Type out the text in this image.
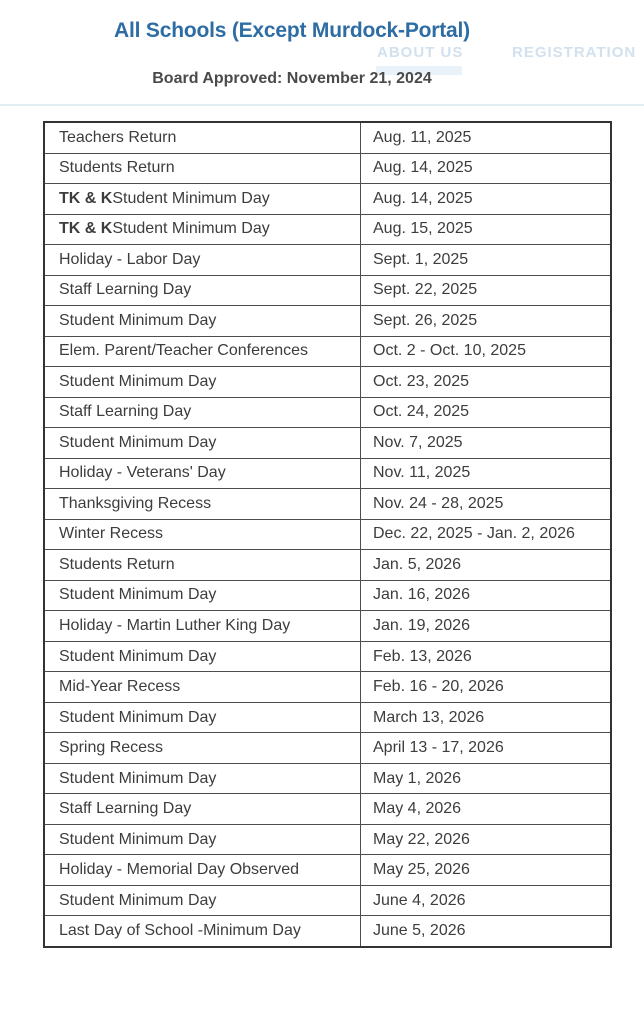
ABOUT US	REGISTRATION
All Schools (Except Murdock-Portal)
Board Approved: November 21, 2024
Teachers Return	Aug. 11, 2025
Students Return	Aug. 14, 2025
TK & K Student Minimum Day	Aug. 14, 2025
TK & K Student Minimum Day	Aug. 15, 2025
Holiday - Labor Day	Sept. 1, 2025
Staff Learning Day	Sept. 22, 2025
Student Minimum Day	Sept. 26, 2025
Elem. Parent/Teacher Conferences	Oct. 2 - Oct. 10, 2025
Student Minimum Day	Oct. 23, 2025
Staff Learning Day	Oct. 24, 2025
Student Minimum Day	Nov. 7, 2025
Holiday - Veterans' Day	Nov. 11, 2025
Thanksgiving Recess	Nov. 24 - 28, 2025
Winter Recess	Dec. 22, 2025 - Jan. 2, 2026
Students Return	Jan. 5, 2026
Student Minimum Day	Jan. 16, 2026
Holiday - Martin Luther King Day	Jan. 19, 2026
Student Minimum Day	Feb. 13, 2026
Mid-Year Recess	Feb. 16 - 20, 2026
Student Minimum Day	March 13, 2026
Spring Recess	April 13 - 17, 2026
Student Minimum Day	May 1, 2026
Staff Learning Day	May 4, 2026
Student Minimum Day	May 22, 2026
Holiday - Memorial Day Observed	May 25, 2026
Student Minimum Day	June 4, 2026
Last Day of School -Minimum Day	June 5, 2026
